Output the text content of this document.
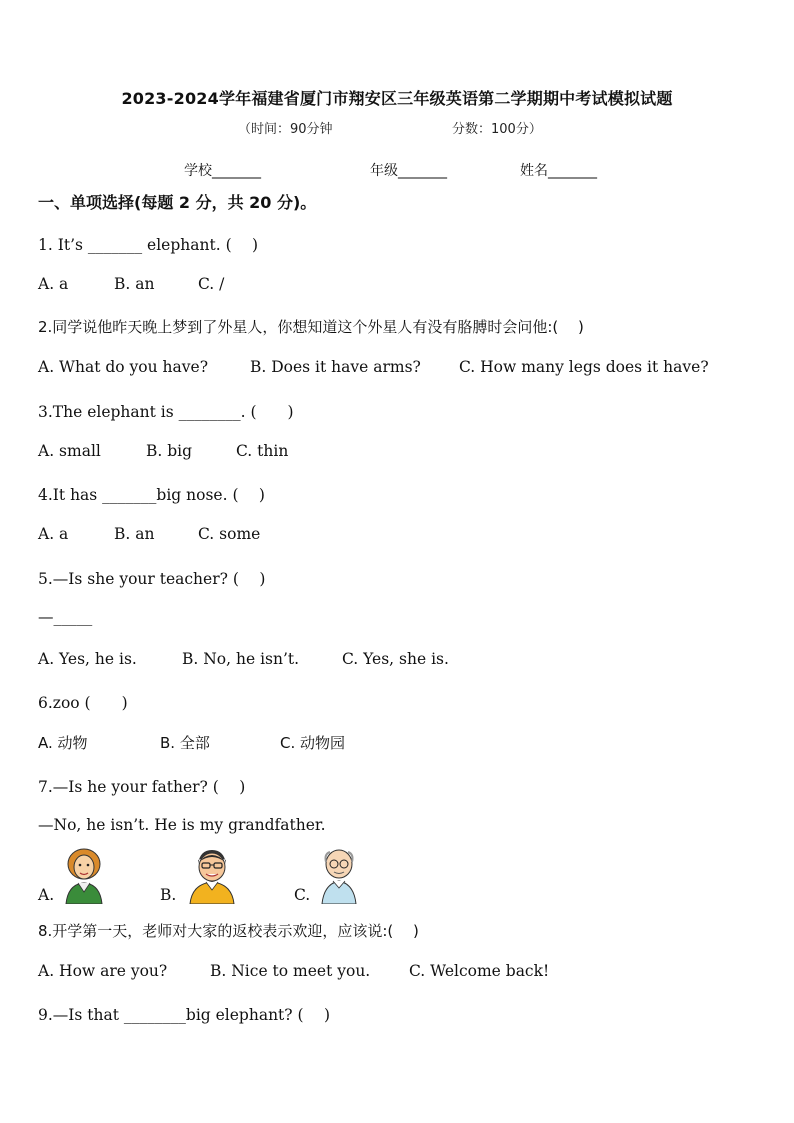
2023-2024学年福建省厦门市翔安区三年级英语第二学期期中考试模拟试题
（时间：90分钟	分数：100分）
学校_______	年级_______	姓名_______
一、单项选择(每题 2 分，共 20 分)。
1. It’s _______ elephant. (　 )
A. a	B. an	C. /
2.同学说他昨天晚上梦到了外星人，你想知道这个外星人有没有胳膊时会问他:(　 )
A. What do you have?	B. Does it have arms? C. How many legs does it have?
3.The elephant is ________. (　　)
A. small	B. big	C. thin
4.It has _______big nose. (　 )
A. a	B. an	C. some
5.—Is she your teacher? (　 )
—_____
A. Yes, he is.	B. No, he isn’t.	C. Yes, she is.
6.zoo (　　)
A. 动物	B. 全部	C. 动物园
7.—Is he your father? (　 )
—No, he isn’t. He is my grandfather.
A.	B.	C.
8.开学第一天，老师对大家的返校表示欢迎，应该说:(　 )
A. How are you?	B. Nice to meet you.	C. Welcome back!
9.—Is that ________big elephant? (　 )
